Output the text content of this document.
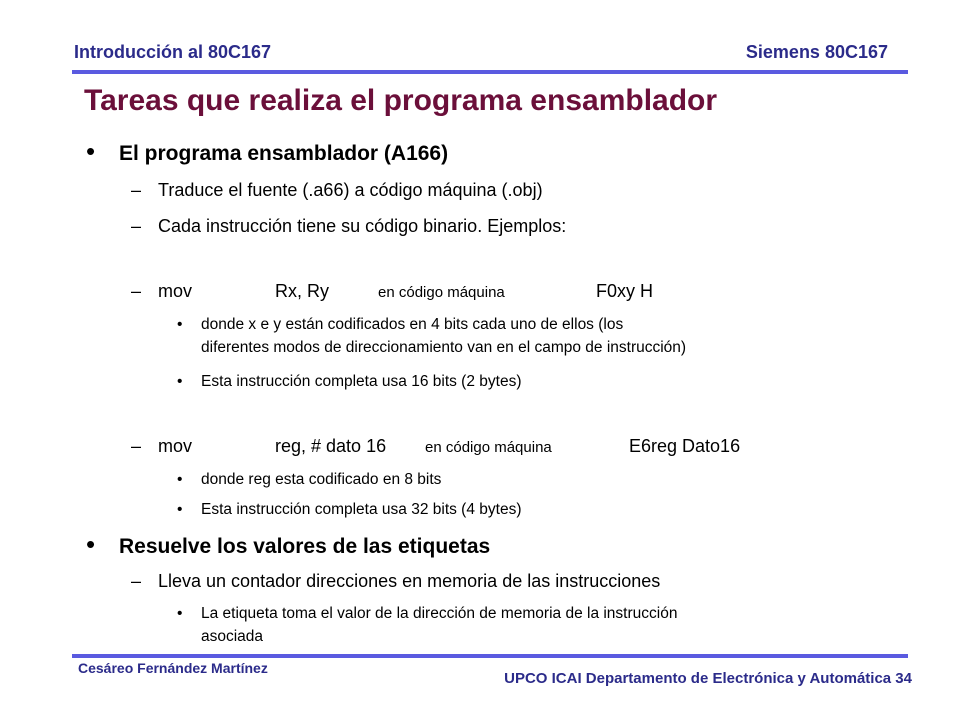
Introducción al 80C167	Siemens 80C167
Tareas que realiza el programa ensamblador
• El programa ensamblador (A166)
– Traduce el fuente (.a66) a código máquina (.obj)
– Cada instrucción tiene su código binario. Ejemplos:
– mov	Rx, Ry	en código máquina	F0xy H
• donde x e y están codificados en 4 bits cada uno de ellos (los
diferentes modos de direccionamiento van en el campo de instrucción)
• Esta instrucción completa usa 16 bits (2 bytes)
– mov	reg, # dato 16	en código máquina	E6reg Dato16
• donde reg esta codificado en 8 bits
• Esta instrucción completa usa 32 bits (4 bytes)
• Resuelve los valores de las etiquetas
– Lleva un contador direcciones en memoria de las instrucciones
• La etiqueta toma el valor de la dirección de memoria de la instrucción
asociada
Cesáreo Fernández Martínez
UPCO ICAI Departamento de Electrónica y Automática 34
